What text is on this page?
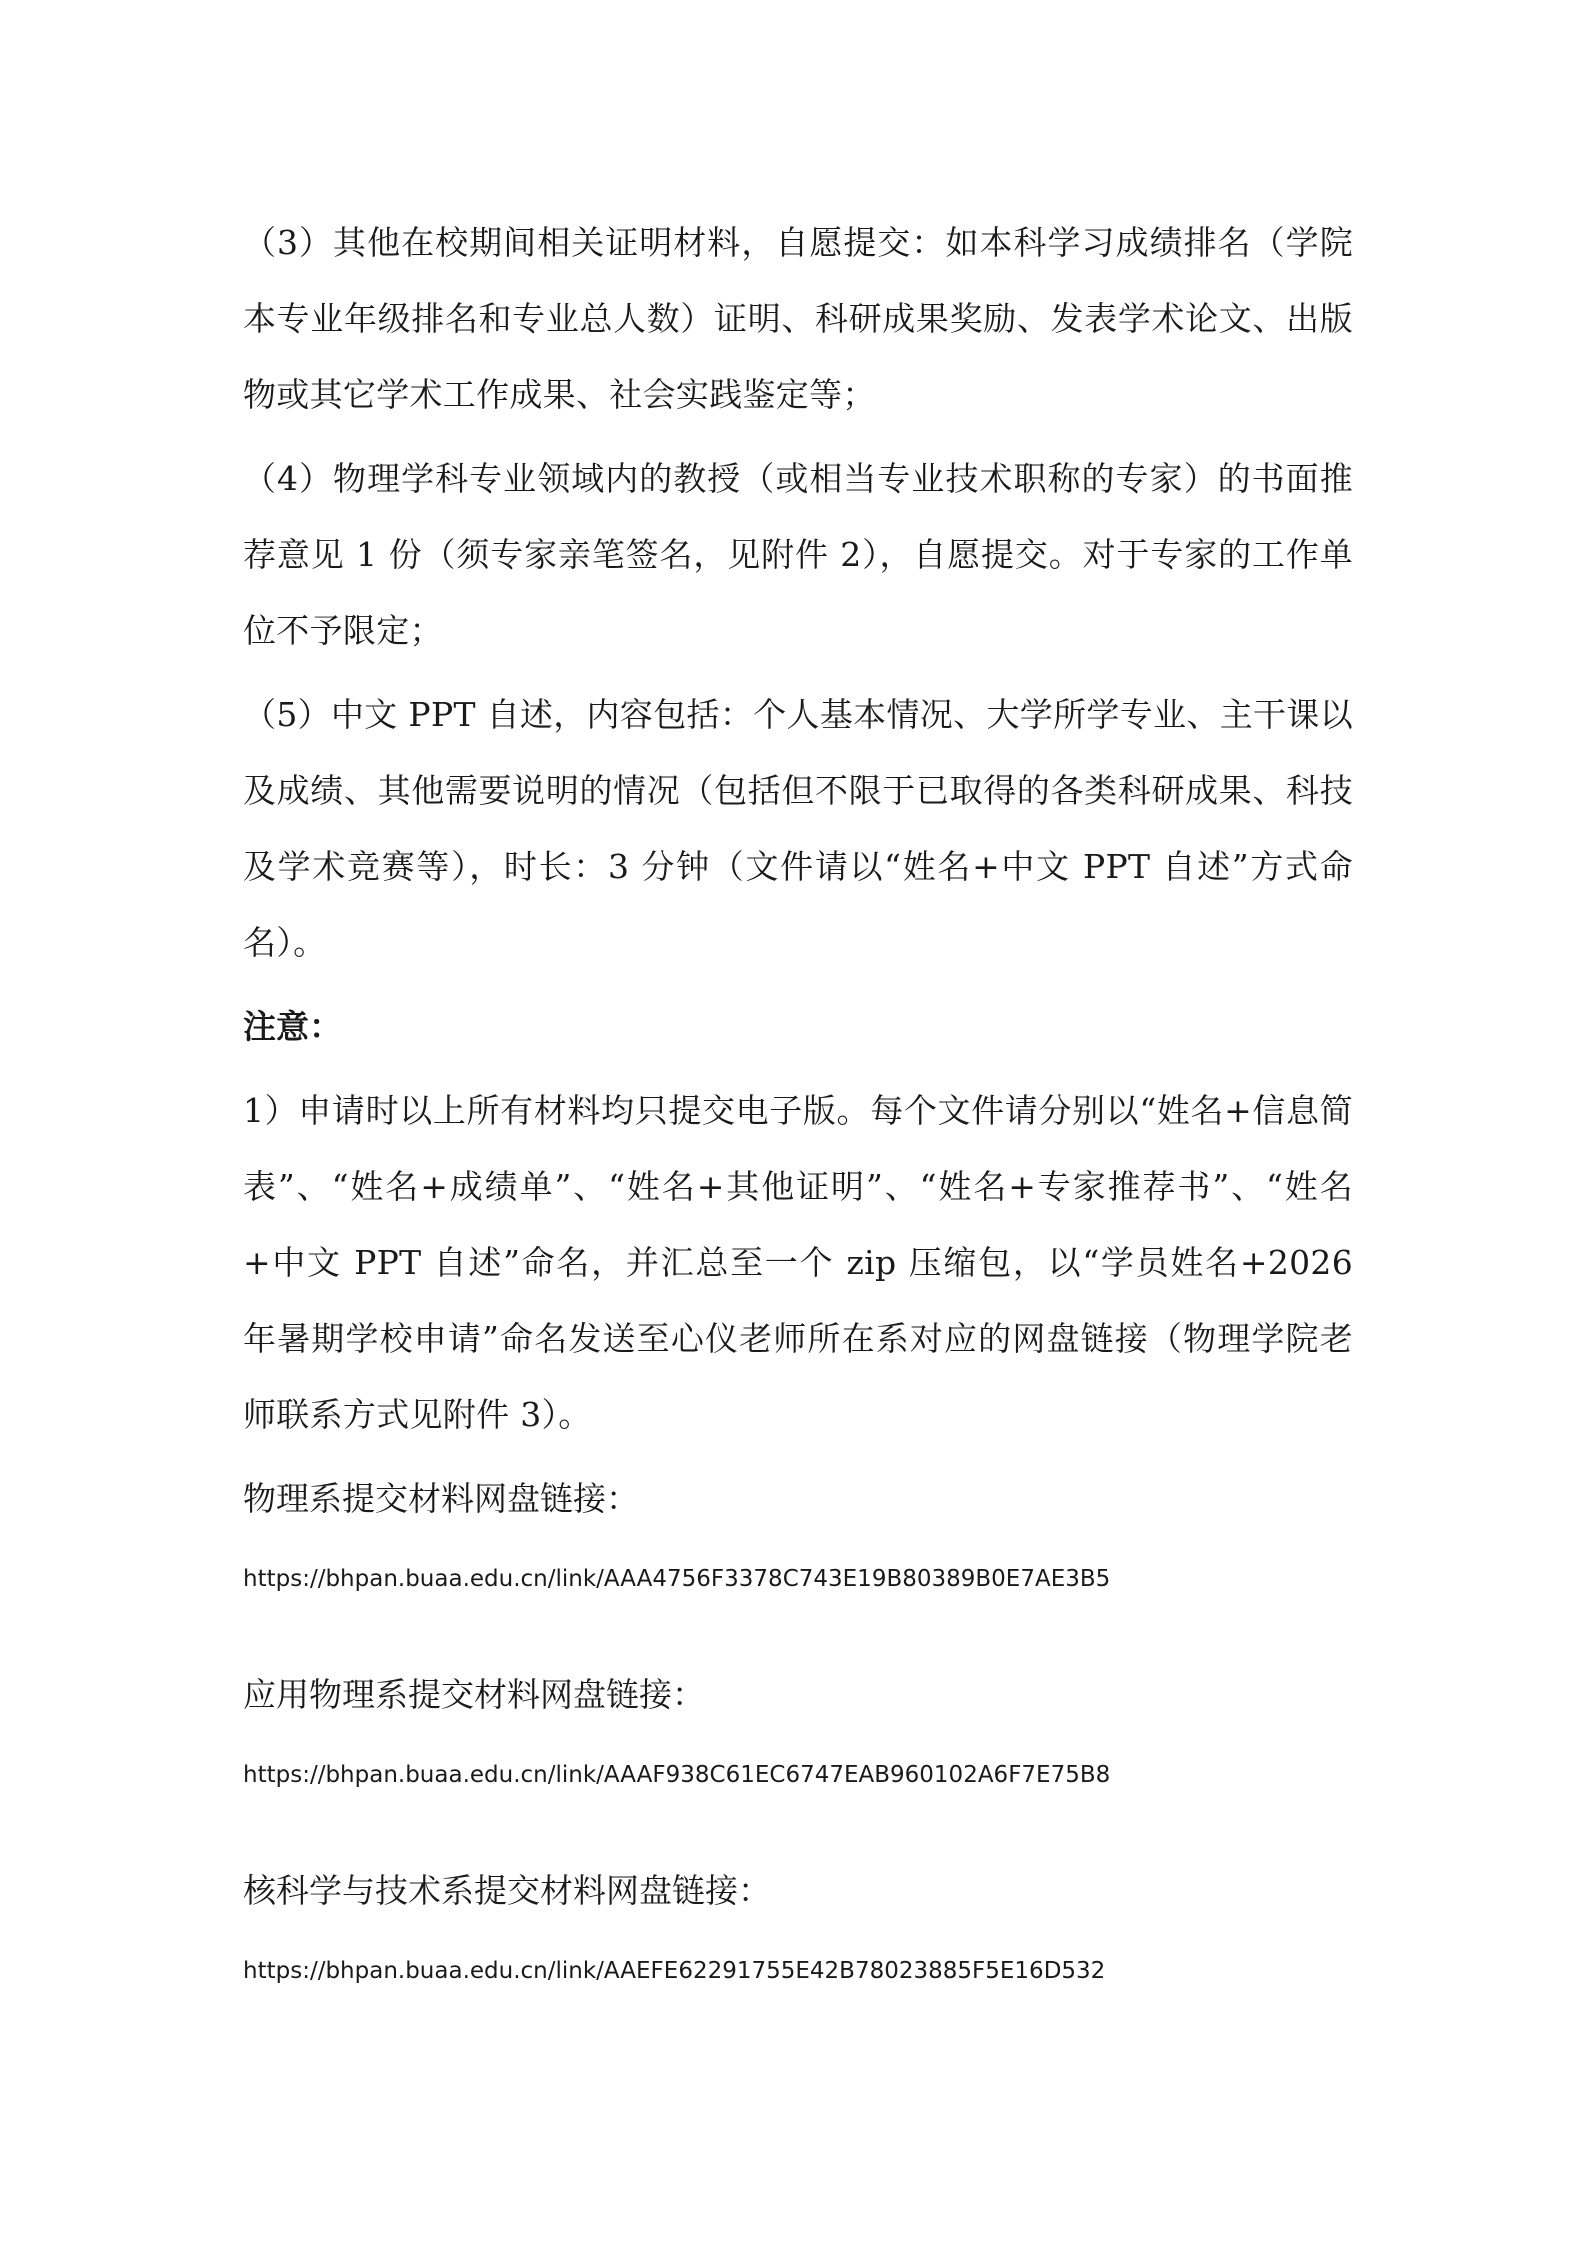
（3）其他在校期间相关证明材料，自愿提交：如本科学习成绩排名（学院本专业年级排名和专业总人数）证明、科研成果奖励、发表学术论文、出版物或其它学术工作成果、社会实践鉴定等；

（4）物理学科专业领域内的教授（或相当专业技术职称的专家）的书面推荐意见 1 份（须专家亲笔签名，见附件 2），自愿提交。对于专家的工作单位不予限定；

（5）中文 PPT 自述，内容包括：个人基本情况、大学所学专业、主干课以及成绩、其他需要说明的情况（包括但不限于已取得的各类科研成果、科技及学术竞赛等），时长：3 分钟（文件请以“姓名+中文 PPT 自述”方式命名）。

注意：

1）申请时以上所有材料均只提交电子版。每个文件请分别以“姓名+信息简表”、“姓名+成绩单”、“姓名+其他证明”、“姓名+专家推荐书”、“姓名+中文 PPT 自述”命名，并汇总至一个 zip 压缩包，以“学员姓名+2026 年暑期学校申请”命名发送至心仪老师所在系对应的网盘链接（物理学院老师联系方式见附件 3）。

物理系提交材料网盘链接：
https://bhpan.buaa.edu.cn/link/AAA4756F3378C743E19B80389B0E7AE3B5
应用物理系提交材料网盘链接：
https://bhpan.buaa.edu.cn/link/AAAF938C61EC6747EAB960102A6F7E75B8
核科学与技术系提交材料网盘链接：
https://bhpan.buaa.edu.cn/link/AAEFE62291755E42B78023885F5E16D532
